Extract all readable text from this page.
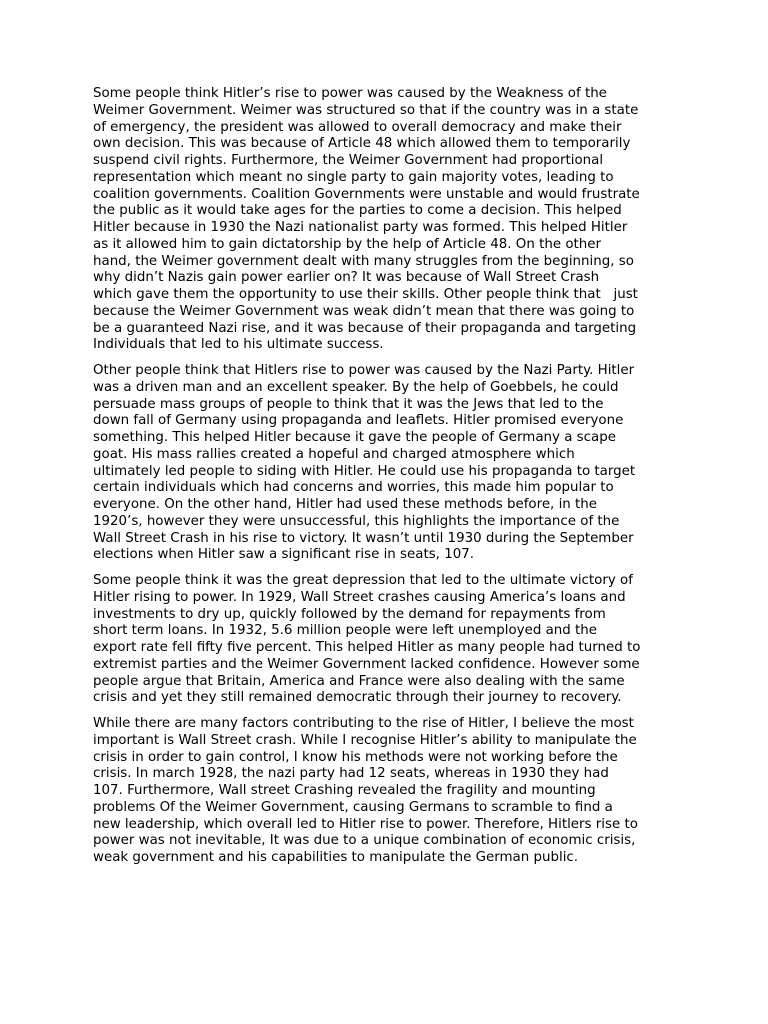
Some people think Hitler’s rise to power was caused by the Weakness of the
Weimer Government. Weimer was structured so that if the country was in a state
of emergency, the president was allowed to overall democracy and make their
own decision. This was because of Article 48 which allowed them to temporarily
suspend civil rights. Furthermore, the Weimer Government had proportional
representation which meant no single party to gain majority votes, leading to
coalition governments. Coalition Governments were unstable and would frustrate
the public as it would take ages for the parties to come a decision. This helped
Hitler because in 1930 the Nazi nationalist party was formed. This helped Hitler
as it allowed him to gain dictatorship by the help of Article 48. On the other
hand, the Weimer government dealt with many struggles from the beginning, so
why didn’t Nazis gain power earlier on? It was because of Wall Street Crash
which gave them the opportunity to use their skills. Other people think that   just
because the Weimer Government was weak didn’t mean that there was going to
be a guaranteed Nazi rise, and it was because of their propaganda and targeting
Individuals that led to his ultimate success.

Other people think that Hitlers rise to power was caused by the Nazi Party. Hitler
was a driven man and an excellent speaker. By the help of Goebbels, he could
persuade mass groups of people to think that it was the Jews that led to the
down fall of Germany using propaganda and leaflets. Hitler promised everyone
something. This helped Hitler because it gave the people of Germany a scape
goat. His mass rallies created a hopeful and charged atmosphere which
ultimately led people to siding with Hitler. He could use his propaganda to target
certain individuals which had concerns and worries, this made him popular to
everyone. On the other hand, Hitler had used these methods before, in the
1920’s, however they were unsuccessful, this highlights the importance of the
Wall Street Crash in his rise to victory. It wasn’t until 1930 during the September
elections when Hitler saw a significant rise in seats, 107.

Some people think it was the great depression that led to the ultimate victory of
Hitler rising to power. In 1929, Wall Street crashes causing America’s loans and
investments to dry up, quickly followed by the demand for repayments from
short term loans. In 1932, 5.6 million people were left unemployed and the
export rate fell fifty five percent. This helped Hitler as many people had turned to
extremist parties and the Weimer Government lacked confidence. However some
people argue that Britain, America and France were also dealing with the same
crisis and yet they still remained democratic through their journey to recovery.

While there are many factors contributing to the rise of Hitler, I believe the most
important is Wall Street crash. While I recognise Hitler’s ability to manipulate the
crisis in order to gain control, I know his methods were not working before the
crisis. In march 1928, the nazi party had 12 seats, whereas in 1930 they had
107. Furthermore, Wall street Crashing revealed the fragility and mounting
problems Of the Weimer Government, causing Germans to scramble to find a
new leadership, which overall led to Hitler rise to power. Therefore, Hitlers rise to
power was not inevitable, It was due to a unique combination of economic crisis,
weak government and his capabilities to manipulate the German public.
